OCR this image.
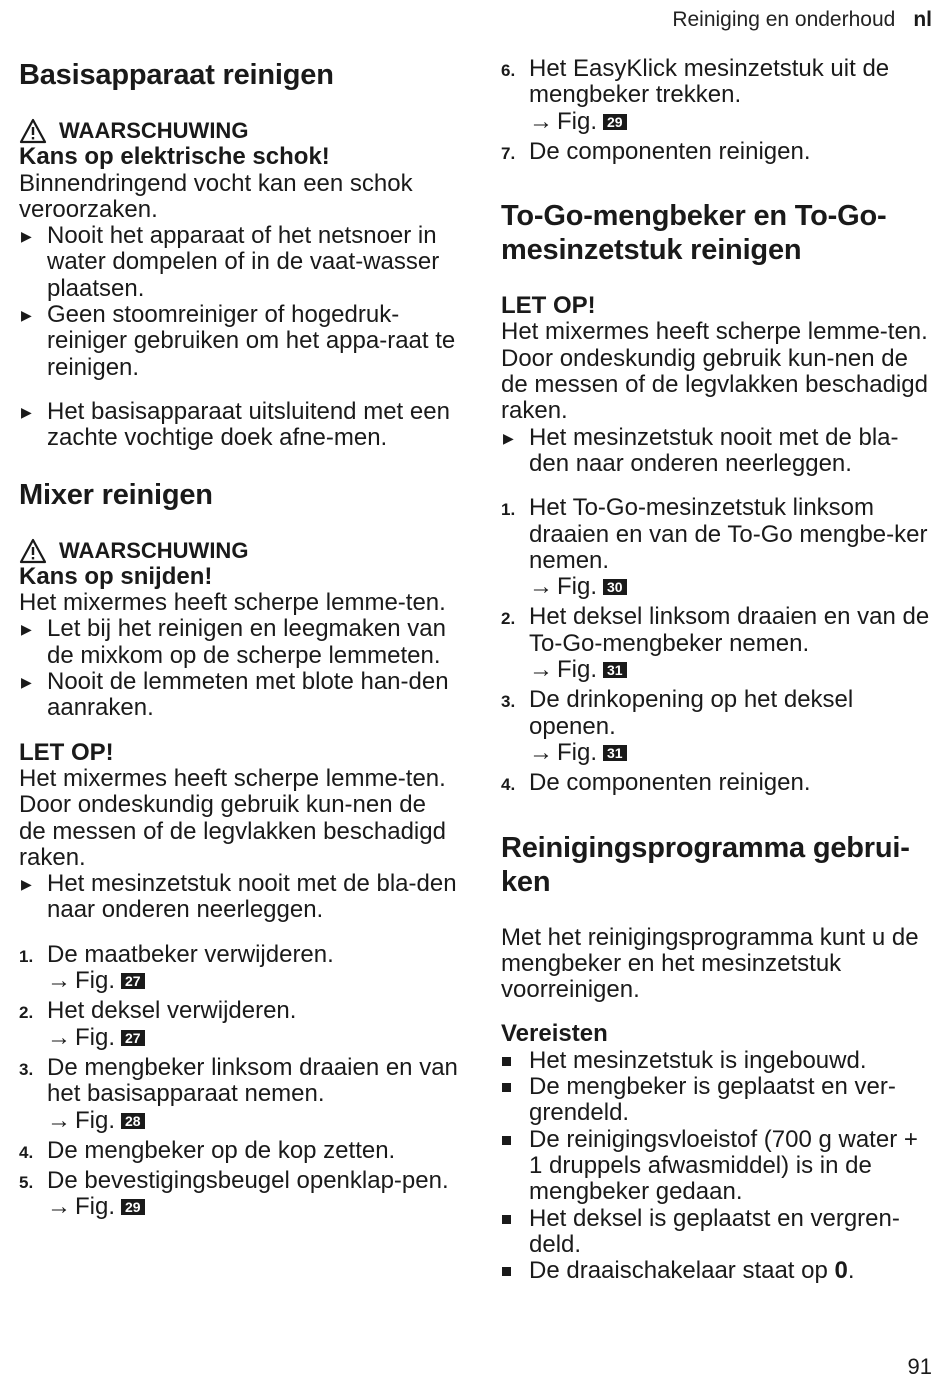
Reiniging en onderhoud nl
Basisapparaat reinigen
WAARSCHUWING

Kans op elektrische schok!

Binnendringend vocht kan een schok veroorzaken.

▶ Nooit het apparaat of het netsnoer in water dompelen of in de vaat-wasser plaatsen.
▶ Geen stoomreiniger of hogedruk-reiniger gebruiken om het appa-raat te reinigen.
▶ Het basisapparaat uitsluitend met een zachte vochtige doek afne-men.
Mixer reinigen
WAARSCHUWING

Kans op snijden!

Het mixermes heeft scherpe lemme-ten.

▶ Let bij het reinigen en leegmaken van de mixkom op de scherpe lemmeten.
▶ Nooit de lemmeten met blote han-den aanraken.

LET OP!

Het mixermes heeft scherpe lemme-ten. Door ondeskundig gebruik kun-nen de de messen of de legvlakken beschadigd raken.

▶ Het mesinzetstuk nooit met de bla-den naar onderen neerleggen.
1. De maatbeker verwijderen.
→ Fig. 27
2. Het deksel verwijderen.
→ Fig. 27
3. De mengbeker linksom draaien en van het basisapparaat nemen.
→ Fig. 28
4. De mengbeker op de kop zetten.
5. De bevestigingsbeugel openklap-pen.
→ Fig. 29
6. Het EasyKlick mesinzetstuk uit de mengbeker trekken.
→ Fig. 29
7. De componenten reinigen.
To-Go-mengbeker en To-Go-mesinzetstuk reinigen

LET OP!

Het mixermes heeft scherpe lemme-ten. Door ondeskundig gebruik kun-nen de de messen of de legvlakken beschadigd raken.

▶ Het mesinzetstuk nooit met de bla-den naar onderen neerleggen.
1. Het To-Go-mesinzetstuk linksom draaien en van de To-Go mengbe-ker nemen.
→ Fig. 30
2. Het deksel linksom draaien en van de To-Go-mengbeker nemen.
→ Fig. 31
3. De drinkopening op het deksel openen.
→ Fig. 31
4. De componenten reinigen.
Reinigingsprogramma gebrui-ken

Met het reinigingsprogramma kunt u de mengbeker en het mesinzetstuk voorreinigen.

Vereisten

Het mesinzetstuk is ingebouwd.
De mengbeker is geplaatst en ver-grendeld.
De reinigingsvloeistof (700 g water + 1 druppels afwasmiddel) is in de mengbeker gedaan.
Het deksel is geplaatst en vergren-deld.
De draaischakelaar staat op 0.
91
